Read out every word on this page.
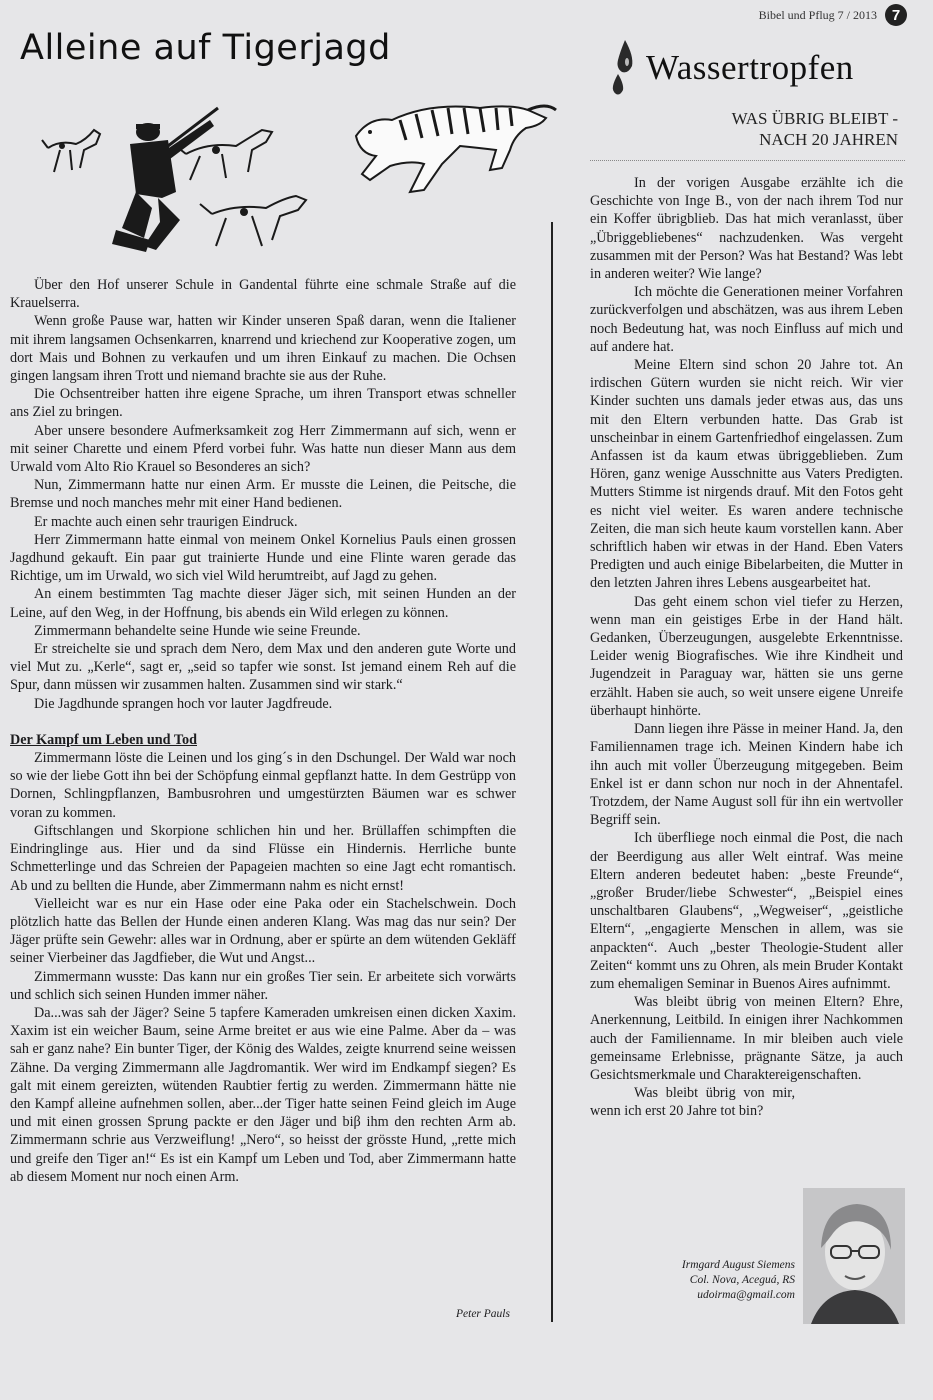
Bibel und Pflug 7 / 2013 7
Alleine auf Tigerjagd

Über den Hof unserer Schule in Gandental führte eine schmale Straße auf die Krauelserra.

Wenn große Pause war, hatten wir Kinder unseren Spaß daran, wenn die Italiener mit ihrem langsamen Ochsenkarren, knarrend und kriechend zur Kooperative zogen, um dort Mais und Bohnen zu verkaufen und um ihren Einkauf zu machen. Die Ochsen gingen langsam ihren Trott und niemand brachte sie aus der Ruhe.

Die Ochsentreiber hatten ihre eigene Sprache, um ihren Transport etwas schneller ans Ziel zu bringen.

Aber unsere besondere Aufmerksamkeit zog Herr Zimmermann auf sich, wenn er mit seiner Charette und einem Pferd vorbei fuhr. Was hatte nun dieser Mann aus dem Urwald vom Alto Rio Krauel so Besonderes an sich?

Nun, Zimmermann hatte nur einen Arm. Er musste die Leinen, die Peitsche, die Bremse und noch manches mehr mit einer Hand bedienen.

Er machte auch einen sehr traurigen Eindruck.

Herr Zimmermann hatte einmal von meinem Onkel Kornelius Pauls einen grossen Jagdhund gekauft. Ein paar gut trainierte Hunde und eine Flinte waren gerade das Richtige, um im Urwald, wo sich viel Wild herumtreibt, auf Jagd zu gehen.

An einem bestimmten Tag machte dieser Jäger sich, mit seinen Hunden an der Leine, auf den Weg, in der Hoffnung, bis abends ein Wild erlegen zu können.

Zimmermann behandelte seine Hunde wie seine Freunde.

Er streichelte sie und sprach dem Nero, dem Max und den anderen gute Worte und viel Mut zu. „Kerle“, sagt er, „seid so tapfer wie sonst. Ist jemand einem Reh auf die Spur, dann müssen wir zusammen halten. Zusammen sind wir stark.“

Die Jagdhunde sprangen hoch vor lauter Jagdfreude.

Der Kampf um Leben und Tod

Zimmermann löste die Leinen und los ging´s in den Dschungel. Der Wald war noch so wie der liebe Gott ihn bei der Schöpfung einmal gepflanzt hatte. In dem Gestrüpp von Dornen, Schlingpflanzen, Bambusrohren und umgestürzten Bäumen war es schwer voran zu kommen.

Giftschlangen und Skorpione schlichen hin und her. Brüllaffen schimpften die Eindringlinge aus. Hier und da sind Flüsse ein Hindernis. Herrliche bunte Schmetterlinge und das Schreien der Papageien machten so eine Jagt echt romantisch. Ab und zu bellten die Hunde, aber Zimmermann nahm es nicht ernst!

Vielleicht war es nur ein Hase oder eine Paka oder ein Stachelschwein. Doch plötzlich hatte das Bellen der Hunde einen anderen Klang. Was mag das nur sein? Der Jäger prüfte sein Gewehr: alles war in Ordnung, aber er spürte an dem wütenden Gekläff seiner Vierbeiner das Jagdfieber, die Wut und Angst...

Zimmermann wusste: Das kann nur ein großes Tier sein. Er arbeitete sich vorwärts und schlich sich seinen Hunden immer näher.

Da...was sah der Jäger? Seine 5 tapfere Kameraden umkreisen einen dicken Xaxim. Xaxim ist ein weicher Baum, seine Arme breitet er aus wie eine Palme. Aber da – was sah er ganz nahe? Ein bunter Tiger, der König des Waldes, zeigte knurrend seine weissen Zähne. Da verging Zimmermann alle Jagdromantik. Wer wird im Endkampf siegen? Es galt mit einem gereizten, wütenden Raubtier fertig zu werden. Zimmermann hätte nie den Kampf alleine aufnehmen sollen, aber...der Tiger hatte seinen Feind gleich im Auge und mit einen grossen Sprung packte er den Jäger und biβ ihm den rechten Arm ab. Zimmermann schrie aus Verzweiflung! „Nero“, so heisst der grösste Hund, „rette mich und greife den Tiger an!“ Es ist ein Kampf um Leben und Tod, aber Zimmermann hatte ab diesem Moment nur noch einen Arm.

Peter Pauls
Wassertropfen
WAS ÜBRIG BLEIBT -
NACH 20 JAHREN

In der vorigen Ausgabe erzählte ich die Geschichte von Inge B., von der nach ihrem Tod nur ein Koffer übrigblieb. Das hat mich veranlasst, über „Übriggebliebenes“ nachzudenken. Was vergeht zusammen mit der Person? Was hat Bestand? Was lebt in anderen weiter? Wie lange?

Ich möchte die Generationen meiner Vorfahren zurückverfolgen und abschätzen, was aus ihrem Leben noch Bedeutung hat, was noch Einfluss auf mich und auf andere hat.

Meine Eltern sind schon 20 Jahre tot. An irdischen Gütern wurden sie nicht reich. Wir vier Kinder suchten uns damals jeder etwas aus, das uns mit den Eltern verbunden hatte. Das Grab ist unscheinbar in einem Gartenfriedhof eingelassen. Zum Anfassen ist da kaum etwas übriggeblieben. Zum Hören, ganz wenige Ausschnitte aus Vaters Predigten. Mutters Stimme ist nirgends drauf. Mit den Fotos geht es nicht viel weiter. Es waren andere technische Zeiten, die man sich heute kaum vorstellen kann. Aber schriftlich haben wir etwas in der Hand. Eben Vaters Predigten und auch einige Bibelarbeiten, die Mutter in den letzten Jahren ihres Lebens ausgearbeitet hat.

Das geht einem schon viel tiefer zu Herzen, wenn man ein geistiges Erbe in der Hand hält. Gedanken, Überzeugungen, ausgelebte Erkenntnisse. Leider wenig Biografisches. Wie ihre Kindheit und Jugendzeit in Paraguay war, hätten sie uns gerne erzählt. Haben sie auch, so weit unsere eigene Unreife überhaupt hinhörte.

Dann liegen ihre Pässe in meiner Hand. Ja, den Familiennamen trage ich. Meinen Kindern habe ich ihn auch mit voller Überzeugung mitgegeben. Beim Enkel ist er dann schon nur noch in der Ahnentafel. Trotzdem, der Name August soll für ihn ein wertvoller Begriff sein.

Ich überfliege noch einmal die Post, die nach der Beerdigung aus aller Welt eintraf. Was meine Eltern anderen bedeutet haben: „beste Freunde“, „großer Bruder/liebe Schwester“, „Beispiel eines unschaltbaren Glaubens“, „Wegweiser“, „geistliche Eltern“, „engagierte Menschen in allem, was sie anpackten“. Auch „bester Theologie-Student aller Zeiten“ kommt uns zu Ohren, als mein Bruder Kontakt zum ehemaligen Seminar in Buenos Aires aufnimmt.

Was bleibt übrig von meinen Eltern? Ehre, Anerkennung, Leitbild. In einigen ihrer Nachkommen auch der Familienname. In mir bleiben auch viele gemeinsame Erlebnisse, prägnante Sätze, ja auch Gesichtsmerkmale und Charaktereigenschaften.

Was bleibt übrig von mir, wenn ich erst 20 Jahre tot bin?

Irmgard August Siemens
Col. Nova, Aceguá, RS
udoirma@gmail.com
